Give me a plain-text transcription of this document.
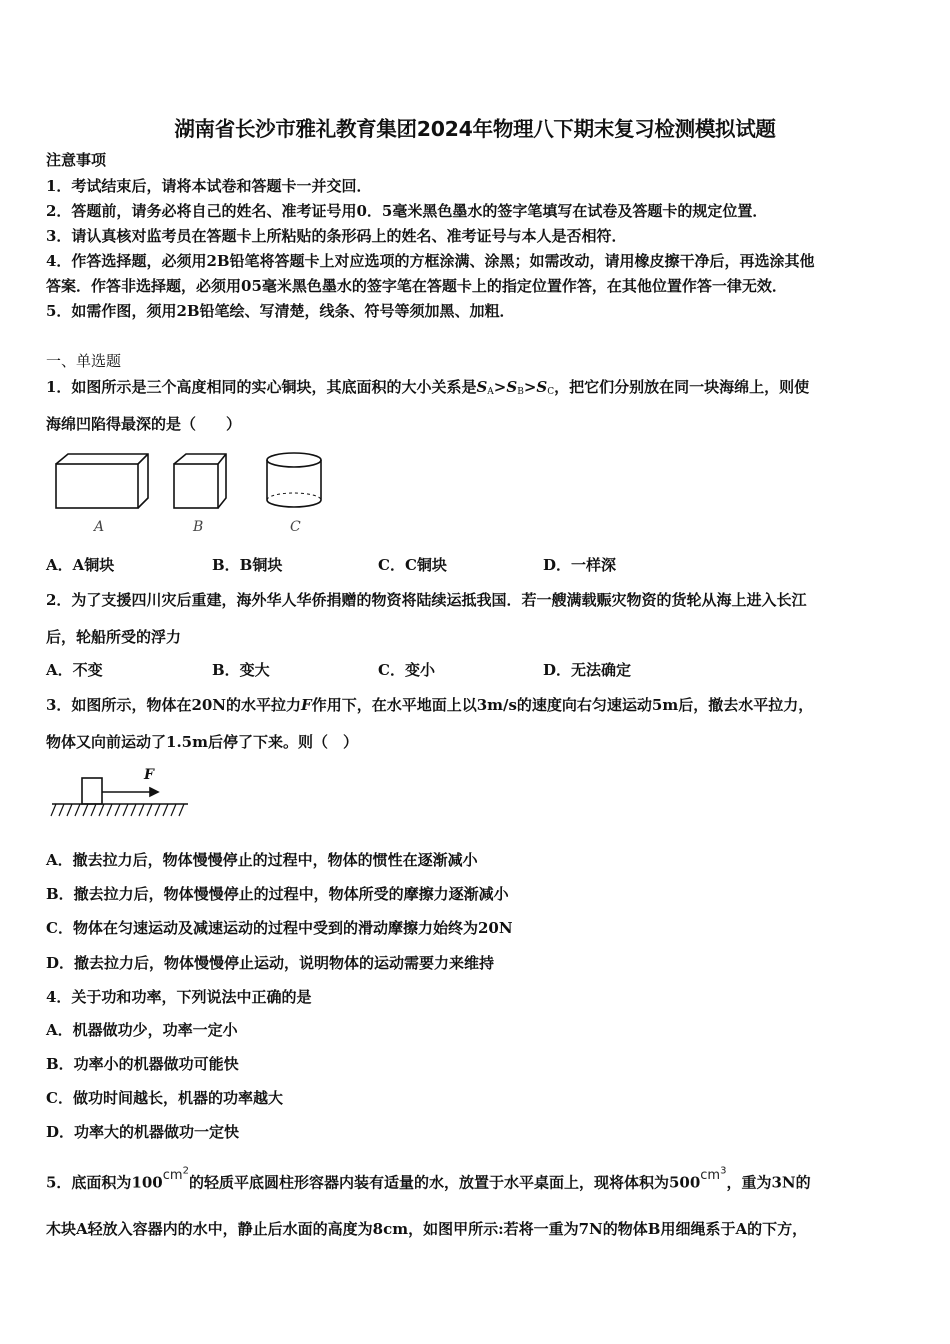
湖南省长沙市雅礼教育集团2024年物理八下期末复习检测模拟试题
注意事项
1．考试结束后，请将本试卷和答题卡一并交回．
2．答题前，请务必将自己的姓名、准考证号用0．5毫米黑色墨水的签字笔填写在试卷及答题卡的规定位置．
3．请认真核对监考员在答题卡上所粘贴的条形码上的姓名、准考证号与本人是否相符．
4．作答选择题，必须用2B铅笔将答题卡上对应选项的方框涂满、涂黑；如需改动，请用橡皮擦干净后，再选涂其他
答案．作答非选择题，必须用05毫米黑色墨水的签字笔在答题卡上的指定位置作答，在其他位置作答一律无效．
5．如需作图，须用2B铅笔绘、写清楚，线条、符号等须加黑、加粗．
一、单选题
1．如图所示是三个高度相同的实心铜块，其底面积的大小关系是$S_A>S_B>S_C$，把它们分别放在同一块海绵上，则使
海绵凹陷得最深的是（　　）
A	B	C
A．A铜块	B．B铜块	C．C铜块	D．一样深
2．为了支援四川灾后重建，海外华人华侨捐赠的物资将陆续运抵我国．若一艘满载赈灾物资的货轮从海上进入长江
后，轮船所受的浮力
A．不变	B．变大	C．变小	D．无法确定
3．如图所示，物体在20N的水平拉力F作用下，在水平地面上以3m/s的速度向右匀速运动5m后，撤去水平拉力，
物体又向前运动了1.5m后停了下来。则（　）
F
A．撤去拉力后，物体慢慢停止的过程中，物体的惯性在逐渐减小
B．撤去拉力后，物体慢慢停止的过程中，物体所受的摩擦力逐渐减小
C．物体在匀速运动及减速运动的过程中受到的滑动摩擦力始终为20N
D．撤去拉力后，物体慢慢停止运动，说明物体的运动需要力来维持
4．关于功和功率，下列说法中正确的是
A．机器做功少，功率一定小
B．功率小的机器做功可能快
C．做功时间越长，机器的功率越大
D．功率大的机器做功一定快
5．底面积为$100cm^2$的轻质平底圆柱形容器内装有适量的水，放置于水平桌面上，现将体积为$500cm^3$，重为3N的
木块A轻放入容器内的水中，静止后水面的高度为8cm，如图甲所示:若将一重为7N的物体B用细绳系于A的下方，
